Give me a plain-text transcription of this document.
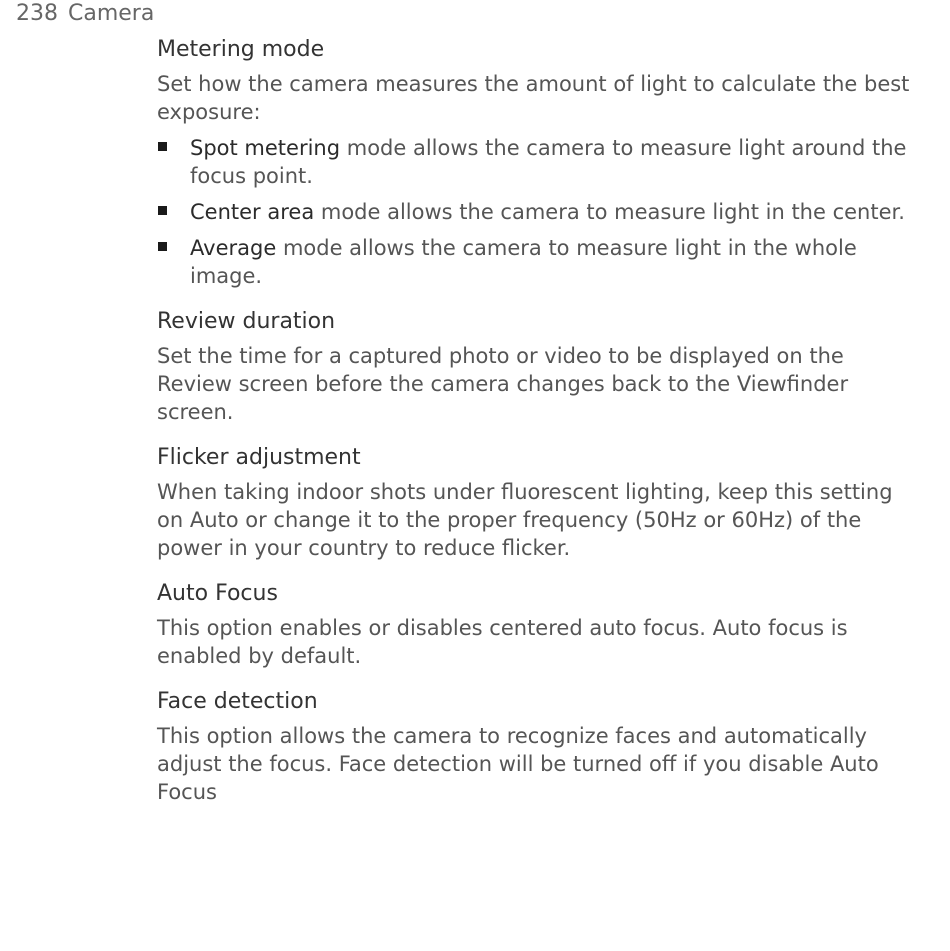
238 Camera
Metering mode

Set how the camera measures the amount of light to calculate the best exposure:

Spot metering mode allows the camera to measure light around the focus point.
Center area mode allows the camera to measure light in the center.
Average mode allows the camera to measure light in the whole image.
Review duration

Set the time for a captured photo or video to be displayed on the Review screen before the camera changes back to the Viewfinder screen.

Flicker adjustment

When taking indoor shots under fluorescent lighting, keep this setting on Auto or change it to the proper frequency (50Hz or 60Hz) of the power in your country to reduce flicker.

Auto Focus

This option enables or disables centered auto focus. Auto focus is enabled by default.

Face detection

This option allows the camera to recognize faces and automatically adjust the focus. Face detection will be turned off if you disable Auto Focus
